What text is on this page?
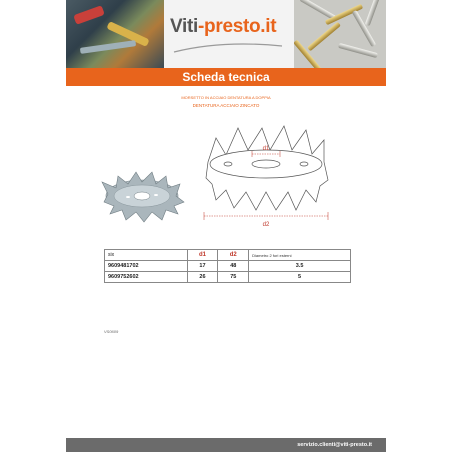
Viti-presto.it
Scheda tecnica
MORSETTO IN ACCIAIO DENTATURA A DOPPIA
DENTATURA ACCIAIO ZINCATO
d1
d2
six	d1	d2	Diametro 2 fori esterni
9609481702	17	48	3.5
9609752602	26	75	5
VS0609
servizio.clienti@viti-presto.it
